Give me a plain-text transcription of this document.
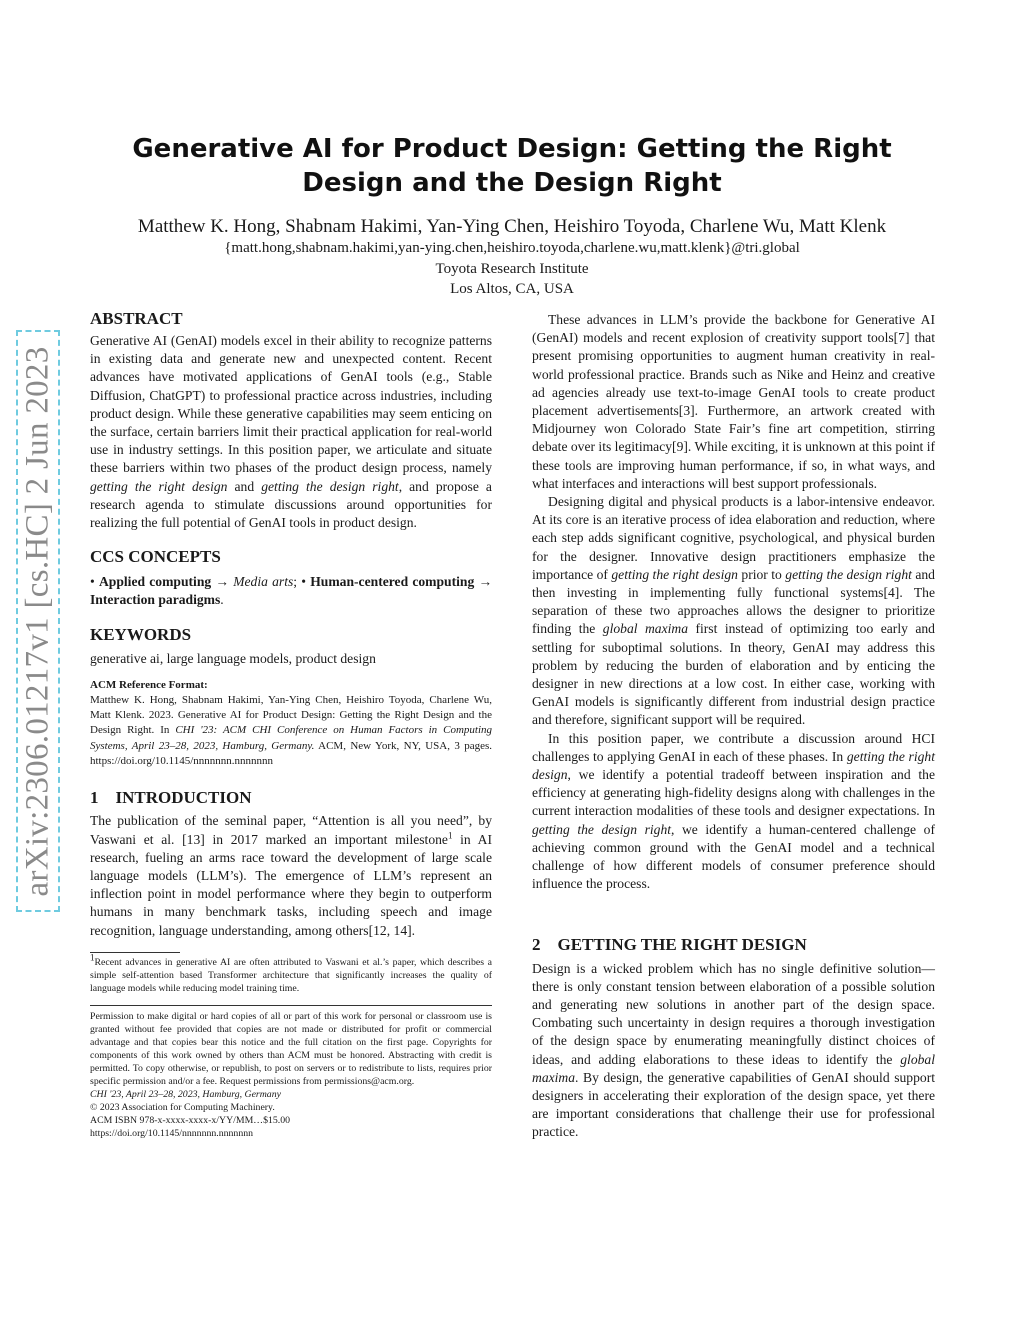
arXiv:2306.01217v1 [cs.HC] 2 Jun 2023
Generative AI for Product Design: Getting the Right Design and the Design Right
Matthew K. Hong, Shabnam Hakimi, Yan-Ying Chen, Heishiro Toyoda, Charlene Wu, Matt Klenk
{matt.hong,shabnam.hakimi,yan-ying.chen,heishiro.toyoda,charlene.wu,matt.klenk}@tri.global
Toyota Research Institute
Los Altos, CA, USA
ABSTRACT

Generative AI (GenAI) models excel in their ability to recognize patterns in existing data and generate new and unexpected content. Recent advances have motivated applications of GenAI tools (e.g., Stable Diffusion, ChatGPT) to professional practice across industries, including product design. While these generative capabilities may seem enticing on the surface, certain barriers limit their practical application for real-world use in industry settings. In this position paper, we articulate and situate these barriers within two phases of the product design process, namely getting the right design and getting the design right, and propose a research agenda to stimulate discussions around opportunities for realizing the full potential of GenAI tools in product design.

CCS CONCEPTS

• Applied computing → Media arts; • Human-centered computing → Interaction paradigms.

KEYWORDS

generative ai, large language models, product design

ACM Reference Format:

Matthew K. Hong, Shabnam Hakimi, Yan-Ying Chen, Heishiro Toyoda, Charlene Wu, Matt Klenk. 2023. Generative AI for Product Design: Getting the Right Design and the Design Right. In CHI '23: ACM CHI Conference on Human Factors in Computing Systems, April 23–28, 2023, Hamburg, Germany. ACM, New York, NY, USA, 3 pages. https://doi.org/10.1145/nnnnnnn.nnnnnnn

1    INTRODUCTION

The publication of the seminal paper, “Attention is all you need”, by Vaswani et al. [13] in 2017 marked an important milestone$^1$ in AI research, fueling an arms race toward the development of large scale language models (LLM’s). The emergence of LLM’s represent an inflection point in model performance where they begin to outperform humans in many benchmark tasks, including speech and image recognition, language understanding, among others[12, 14].

$^1$Recent advances in generative AI are often attributed to Vaswani et al.’s paper, which describes a simple self-attention based Transformer architecture that significantly increases the quality of language models while reducing model training time.

Permission to make digital or hard copies of all or part of this work for personal or classroom use is granted without fee provided that copies are not made or distributed for profit or commercial advantage and that copies bear this notice and the full citation on the first page. Copyrights for components of this work owned by others than ACM must be honored. Abstracting with credit is permitted. To copy otherwise, or republish, to post on servers or to redistribute to lists, requires prior specific permission and/or a fee. Request permissions from permissions@acm.org.

CHI '23, April 23–28, 2023, Hamburg, Germany

© 2023 Association for Computing Machinery.

ACM ISBN 978-x-xxxx-xxxx-x/YY/MM…$15.00

https://doi.org/10.1145/nnnnnnn.nnnnnnn

These advances in LLM’s provide the backbone for Generative AI (GenAI) models and recent explosion of creativity support tools[7] that present promising opportunities to augment human creativity in real-world professional practice. Brands such as Nike and Heinz and creative ad agencies already use text-to-image GenAI tools to create product placement advertisements[3]. Furthermore, an artwork created with Midjourney won Colorado State Fair’s fine art competition, stirring debate over its legitimacy[9]. While exciting, it is unknown at this point if these tools are improving human performance, if so, in what ways, and what interfaces and interactions will best support professionals.

Designing digital and physical products is a labor-intensive endeavor. At its core is an iterative process of idea elaboration and reduction, where each step adds significant cognitive, psychological, and physical burden for the designer. Innovative design practitioners emphasize the importance of getting the right design prior to getting the design right and then investing in implementing fully functional systems[4]. The separation of these two approaches allows the designer to prioritize finding the global maxima first instead of optimizing too early and settling for suboptimal solutions. In theory, GenAI may address this problem by reducing the burden of elaboration and by enticing the designer in new directions at a low cost. In either case, working with GenAI models is significantly different from industrial design practice and therefore, significant support will be required.

In this position paper, we contribute a discussion around HCI challenges to applying GenAI in each of these phases. In getting the right design, we identify a potential tradeoff between inspiration and the efficiency at generating high-fidelity designs along with challenges in the current interaction modalities of these tools and designer expectations. In getting the design right, we identify a human-centered challenge of achieving common ground with the GenAI model and a technical challenge of how different models of consumer preference should influence the process.

2    GETTING THE RIGHT DESIGN

Design is a wicked problem which has no single definitive solution—there is only constant tension between elaboration of a possible solution and generating new solutions in another part of the design space. Combating such uncertainty in design requires a thorough investigation of the design space by enumerating meaningfully distinct choices of ideas, and adding elaborations to these ideas to identify the global maxima. By design, the generative capabilities of GenAI should support designers in accelerating their exploration of the design space, yet there are important considerations that challenge their use for professional practice.
